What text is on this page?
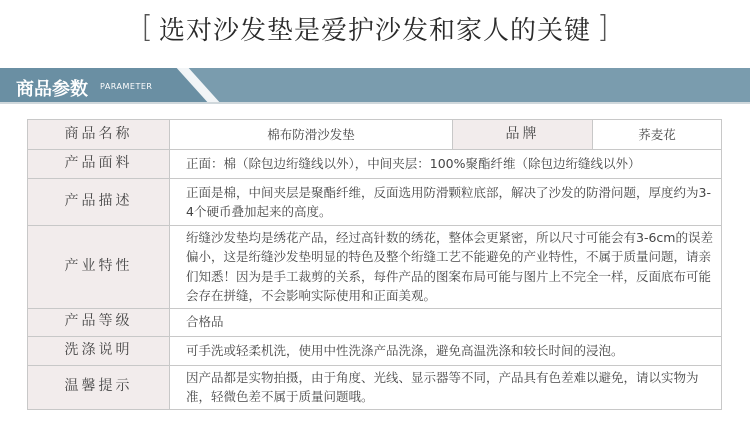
[ 选对沙发垫是爱护沙发和家人的关键 ]
商品参数 PARAMETER
商品名称	棉布防滑沙发垫	品牌	荞麦花
产品面料	正面：棉（除包边绗缝线以外），中间夹层：100%聚酯纤维（除包边绗缝线以外）		
产品描述	正面是棉，中间夹层是聚酯纤维，反面选用防滑颗粒底部，解决了沙发的防滑问题，厚度约为3-4个硬币叠加起来的高度。		
产业特性	绗缝沙发垫均是绣花产品，经过高针数的绣花，整体会更紧密，所以尺寸可能会有3-6cm的误差偏小，这是绗缝沙发垫明显的特色及整个绗缝工艺不能避免的产业特性，不属于质量问题，请亲们知悉！因为是手工裁剪的关系，每件产品的图案布局可能与图片上不完全一样，反面底布可能会存在拼缝，不会影响实际使用和正面美观。		
产品等级	合格品		
洗涤说明	可手洗或轻柔机洗，使用中性洗涤产品洗涤，避免高温洗涤和较长时间的浸泡。		
温馨提示	因产品都是实物拍摄，由于角度、光线、显示器等不同，产品具有色差难以避免，请以实物为准，轻微色差不属于质量问题哦。		
